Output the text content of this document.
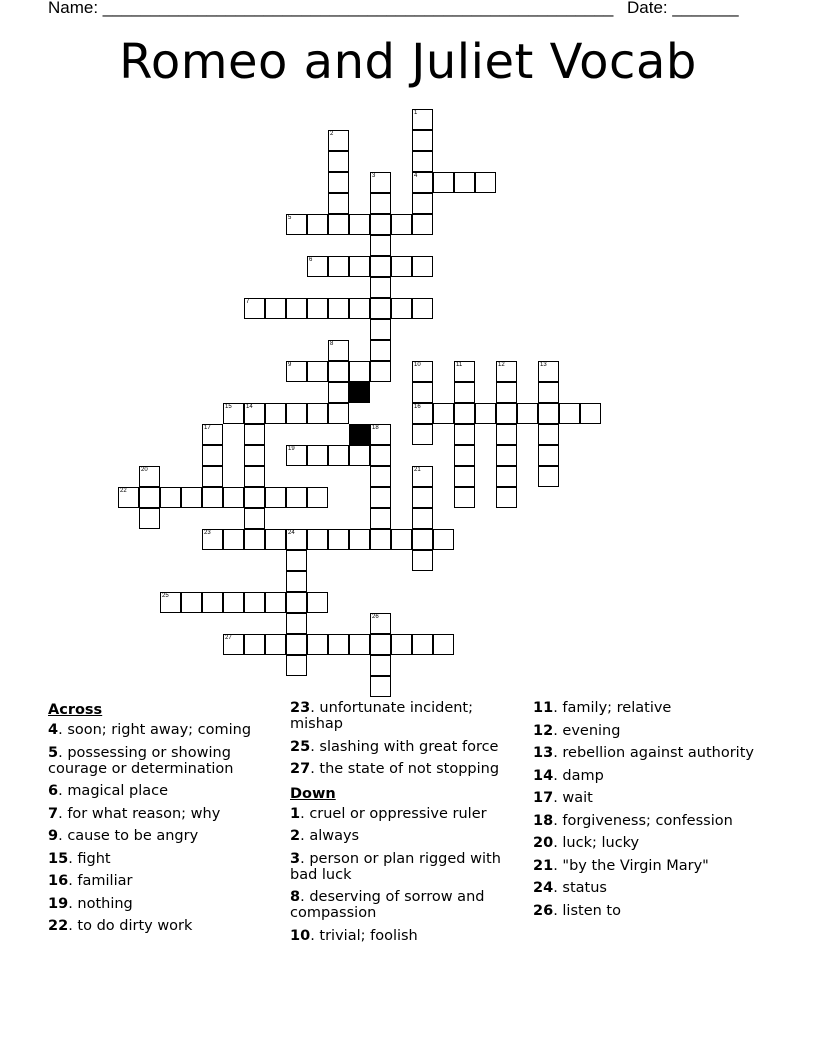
Name: ______________________________________________________ Date: _______
Romeo and Juliet Vocab
1
4
2
3
5
6
7
8
9	10
16
11	12	13
14
15
17	18
19
20	21
22
23	24
25
26
27
Across
4. soon; right away; coming
5. possessing or showing courage or determination
6. magical place
7. for what reason; why
9. cause to be angry
15. fight
16. familiar
19. nothing
22. to do dirty work
23. unfortunate incident; mishap
25. slashing with great force
27. the state of not stopping
Down
1. cruel or oppressive ruler
2. always
3. person or plan rigged with bad luck
8. deserving of sorrow and compassion
10. trivial; foolish
11. family; relative
12. evening
13. rebellion against authority
14. damp
17. wait
18. forgiveness; confession
20. luck; lucky
21. "by the Virgin Mary"
24. status
26. listen to
